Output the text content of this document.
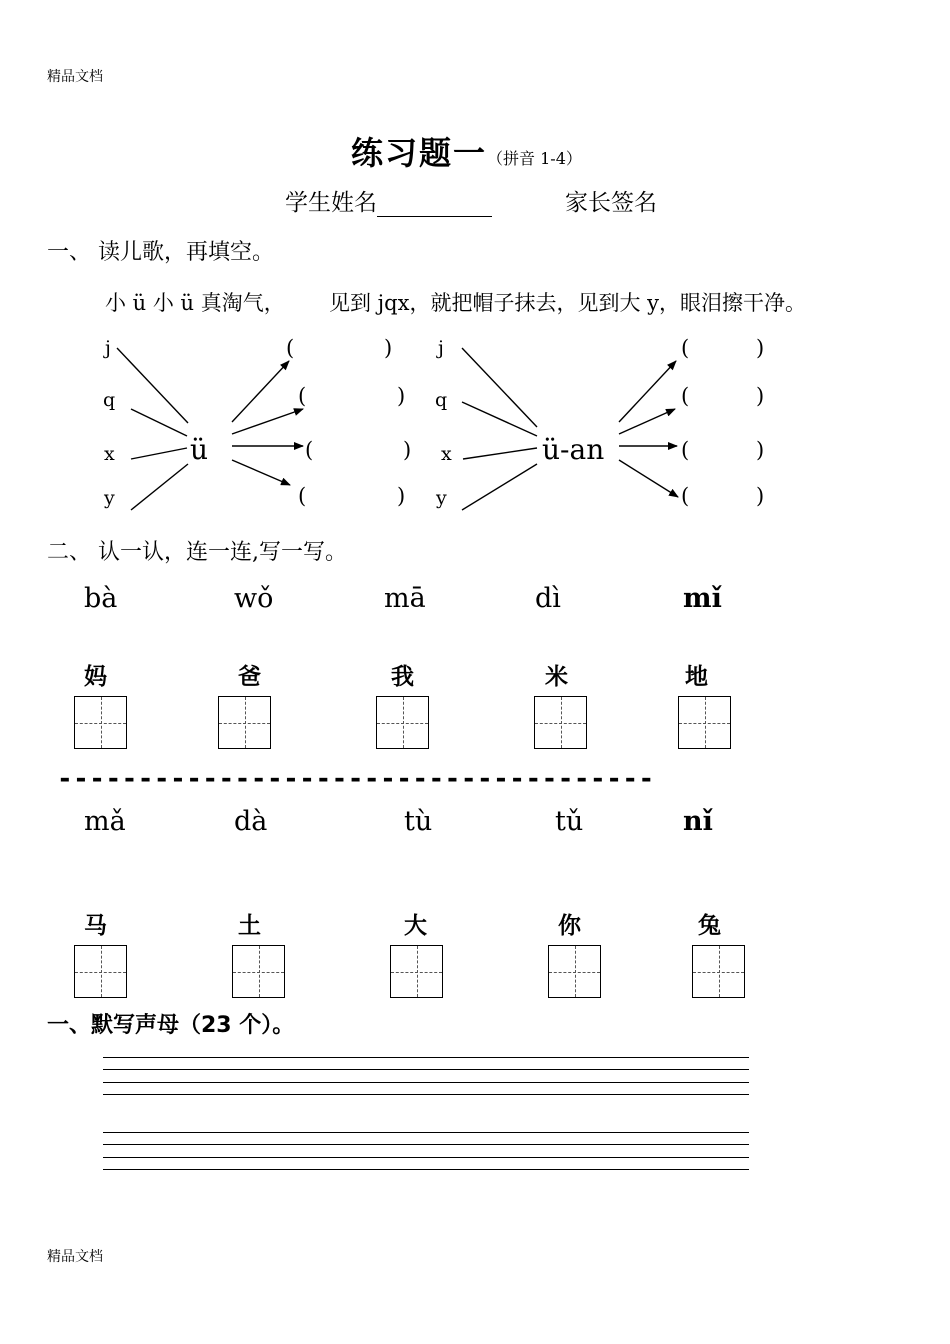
精品文档
精品文档
练习题一（拼音 1-4）
学生姓名	家长签名
一、 读儿歌，再填空。
小 ü 小 ü 真淘气， 见到 jqx，就把帽子抹去，见到大 y，眼泪擦干净。
j
q
x
y
ü
j
q
x
y
ü-an
(	)
(	)
(	)
(	)
(	)
(	)
(	)
(	)
二、 认一认，连一连,写一写。
bà	wǒ	mā	dì	mǐ
妈	爸	我	米	地
-------------------------------------
mǎ	dà	tù	tǔ	nǐ
马	土	大	你	兔
一、默写声母（23 个）。
